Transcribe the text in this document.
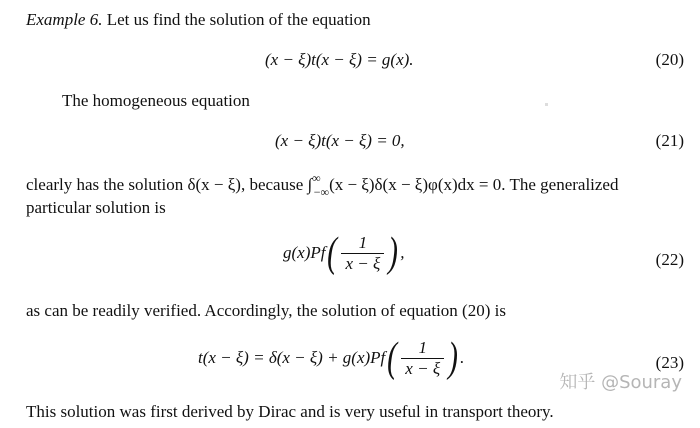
Example 6. Let us find the solution of the equation
(x − ξ)t(x − ξ) = g(x).	(20)
The homogeneous equation
(x − ξ)t(x − ξ) = 0,	(21)
clearly has the solution δ(x − ξ), because $\int^\infty_{-\infty}(x - \xi)\delta(x - \xi)\varphi(x)dx = 0$. The generalized
particular solution is
g(x)Pf ( $\frac{1}{x - \xi}$ ) ,	(22)
as can be readily verified. Accordingly, the solution of equation (20) is
t(x − ξ) = δ(x − ξ) + g(x)Pf ( $\frac{1}{x - \xi}$ ) .	(23)
This solution was first derived by Dirac and is very useful in transport theory.
知乎 @Souray
